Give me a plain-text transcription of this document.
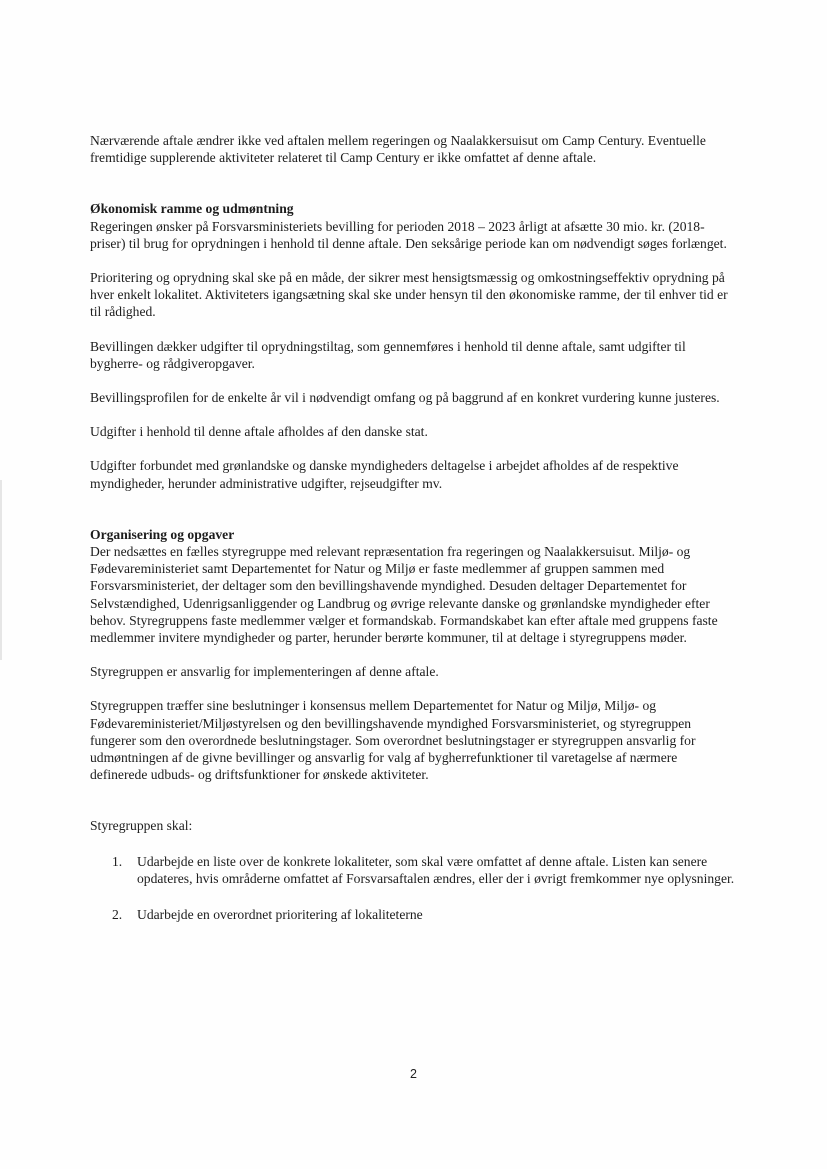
Nærværende aftale ændrer ikke ved aftalen mellem regeringen og Naalakkersuisut om Camp Century. Eventuelle fremtidige supplerende aktiviteter relateret til Camp Century er ikke omfattet af denne aftale.

Økonomisk ramme og udmøntning

Regeringen ønsker på Forsvarsministeriets bevilling for perioden 2018 – 2023 årligt at afsætte 30 mio. kr. (2018-priser) til brug for oprydningen i henhold til denne aftale. Den seksårige periode kan om nødvendigt søges forlænget.

Prioritering og oprydning skal ske på en måde, der sikrer mest hensigtsmæssig og omkostningseffektiv oprydning på hver enkelt lokalitet. Aktiviteters igangsætning skal ske under hensyn til den økonomiske ramme, der til enhver tid er til rådighed.

Bevillingen dækker udgifter til oprydningstiltag, som gennemføres i henhold til denne aftale, samt udgifter til bygherre- og rådgiveropgaver.

Bevillingsprofilen for de enkelte år vil i nødvendigt omfang og på baggrund af en konkret vurdering kunne justeres.

Udgifter i henhold til denne aftale afholdes af den danske stat.

Udgifter forbundet med grønlandske og danske myndigheders deltagelse i arbejdet afholdes af de respektive myndigheder, herunder administrative udgifter, rejseudgifter mv.

Organisering og opgaver

Der nedsættes en fælles styregruppe med relevant repræsentation fra regeringen og Naalakkersuisut. Miljø- og Fødevareministeriet samt Departementet for Natur og Miljø er faste medlemmer af gruppen sammen med Forsvarsministeriet, der deltager som den bevillingshavende myndighed. Desuden deltager Departementet for Selvstændighed, Udenrigsanliggender og Landbrug og øvrige relevante danske og grønlandske myndigheder efter behov. Styregruppens faste medlemmer vælger et formandskab. Formandskabet kan efter aftale med gruppens faste medlemmer invitere myndigheder og parter, herunder berørte kommuner, til at deltage i styregruppens møder.

Styregruppen er ansvarlig for implementeringen af denne aftale.

Styregruppen træffer sine beslutninger i konsensus mellem Departementet for Natur og Miljø, Miljø- og Fødevareministeriet/Miljøstyrelsen og den bevillingshavende myndighed Forsvarsministeriet, og styregruppen fungerer som den overordnede beslutningstager. Som overordnet beslutningstager er styregruppen ansvarlig for udmøntningen af de givne bevillinger og ansvarlig for valg af bygherrefunktioner til varetagelse af nærmere definerede udbuds- og driftsfunktioner for ønskede aktiviteter.

Styregruppen skal:

1. Udarbejde en liste over de konkrete lokaliteter, som skal være omfattet af denne aftale. Listen kan senere opdateres, hvis områderne omfattet af Forsvarsaftalen ændres, eller der i øvrigt fremkommer nye oplysninger.
2. Udarbejde en overordnet prioritering af lokaliteterne
2
